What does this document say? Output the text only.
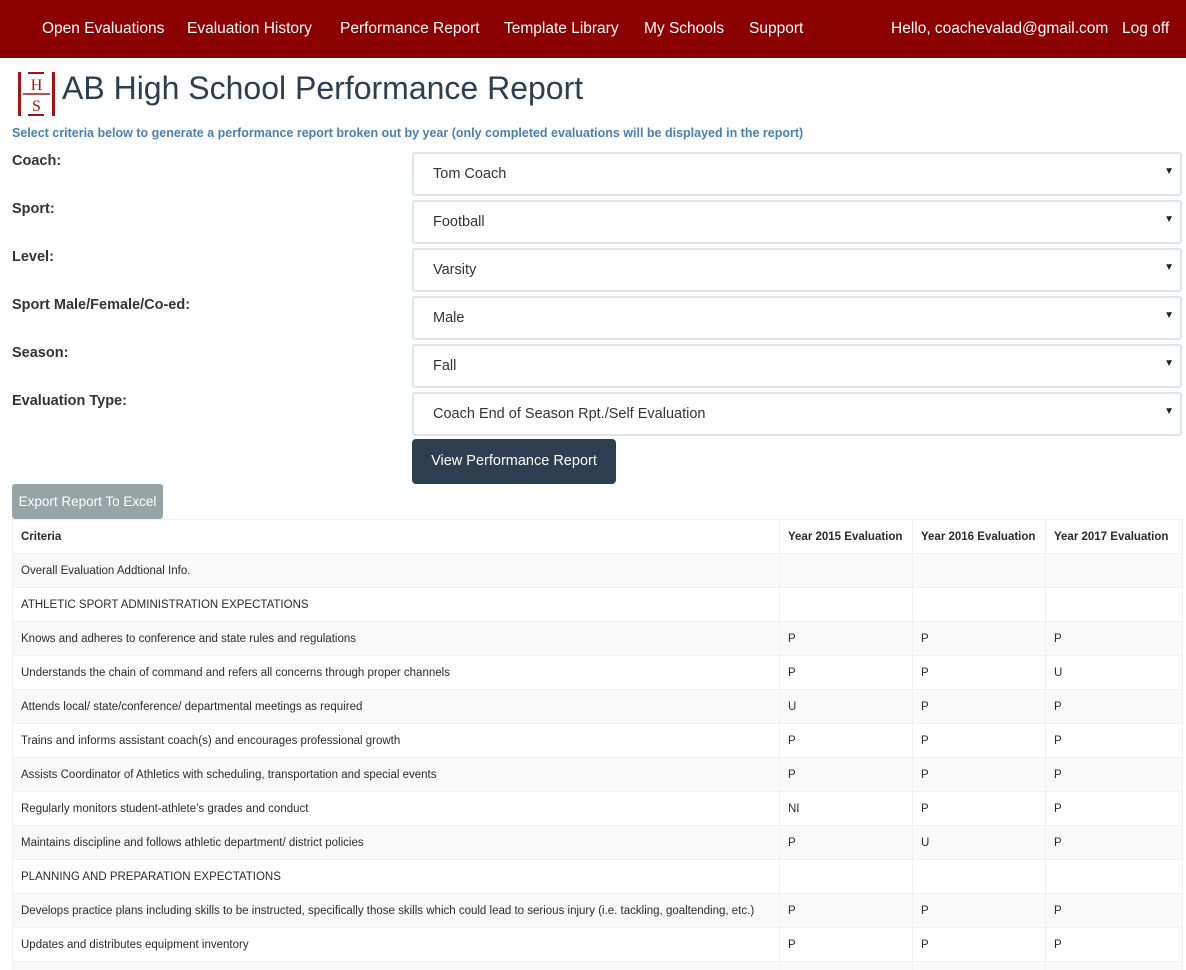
Open Evaluations Evaluation History Performance Report Template Library My Schools Support	Hello, coachevalad@gmail.com Log off
H
S
AB High School Performance Report
Select criteria below to generate a performance report broken out by year (only completed evaluations will be displayed in the report)
Coach:
Tom Coach	▼
Sport:
Football	▼
Level:
Varsity	▼
Sport Male/Female/Co-ed:
Male	▼
Season:
Fall	▼
Evaluation Type:
Coach End of Season Rpt./Self Evaluation	▼
View Performance Report
Export Report To Excel
Criteria	Year 2015 Evaluation	Year 2016 Evaluation	Year 2017 Evaluation
Overall Evaluation Addtional Info.			
ATHLETIC SPORT ADMINISTRATION EXPECTATIONS			
Knows and adheres to conference and state rules and regulations	P	P	P
Understands the chain of command and refers all concerns through proper channels	P	P	U
Attends local/ state/conference/ departmental meetings as required	U	P	P
Trains and informs assistant coach(s) and encourages professional growth	P	P	P
Assists Coordinator of Athletics with scheduling, transportation and special events	P	P	P
Regularly monitors student-athlete’s grades and conduct	NI	P	P
Maintains discipline and follows athletic department/ district policies	P	U	P
PLANNING AND PREPARATION EXPECTATIONS			
Develops practice plans including skills to be instructed, specifically those skills which could lead to serious injury (i.e. tackling, goaltending, etc.)	P	P	P
Updates and distributes equipment inventory	P	P	P
